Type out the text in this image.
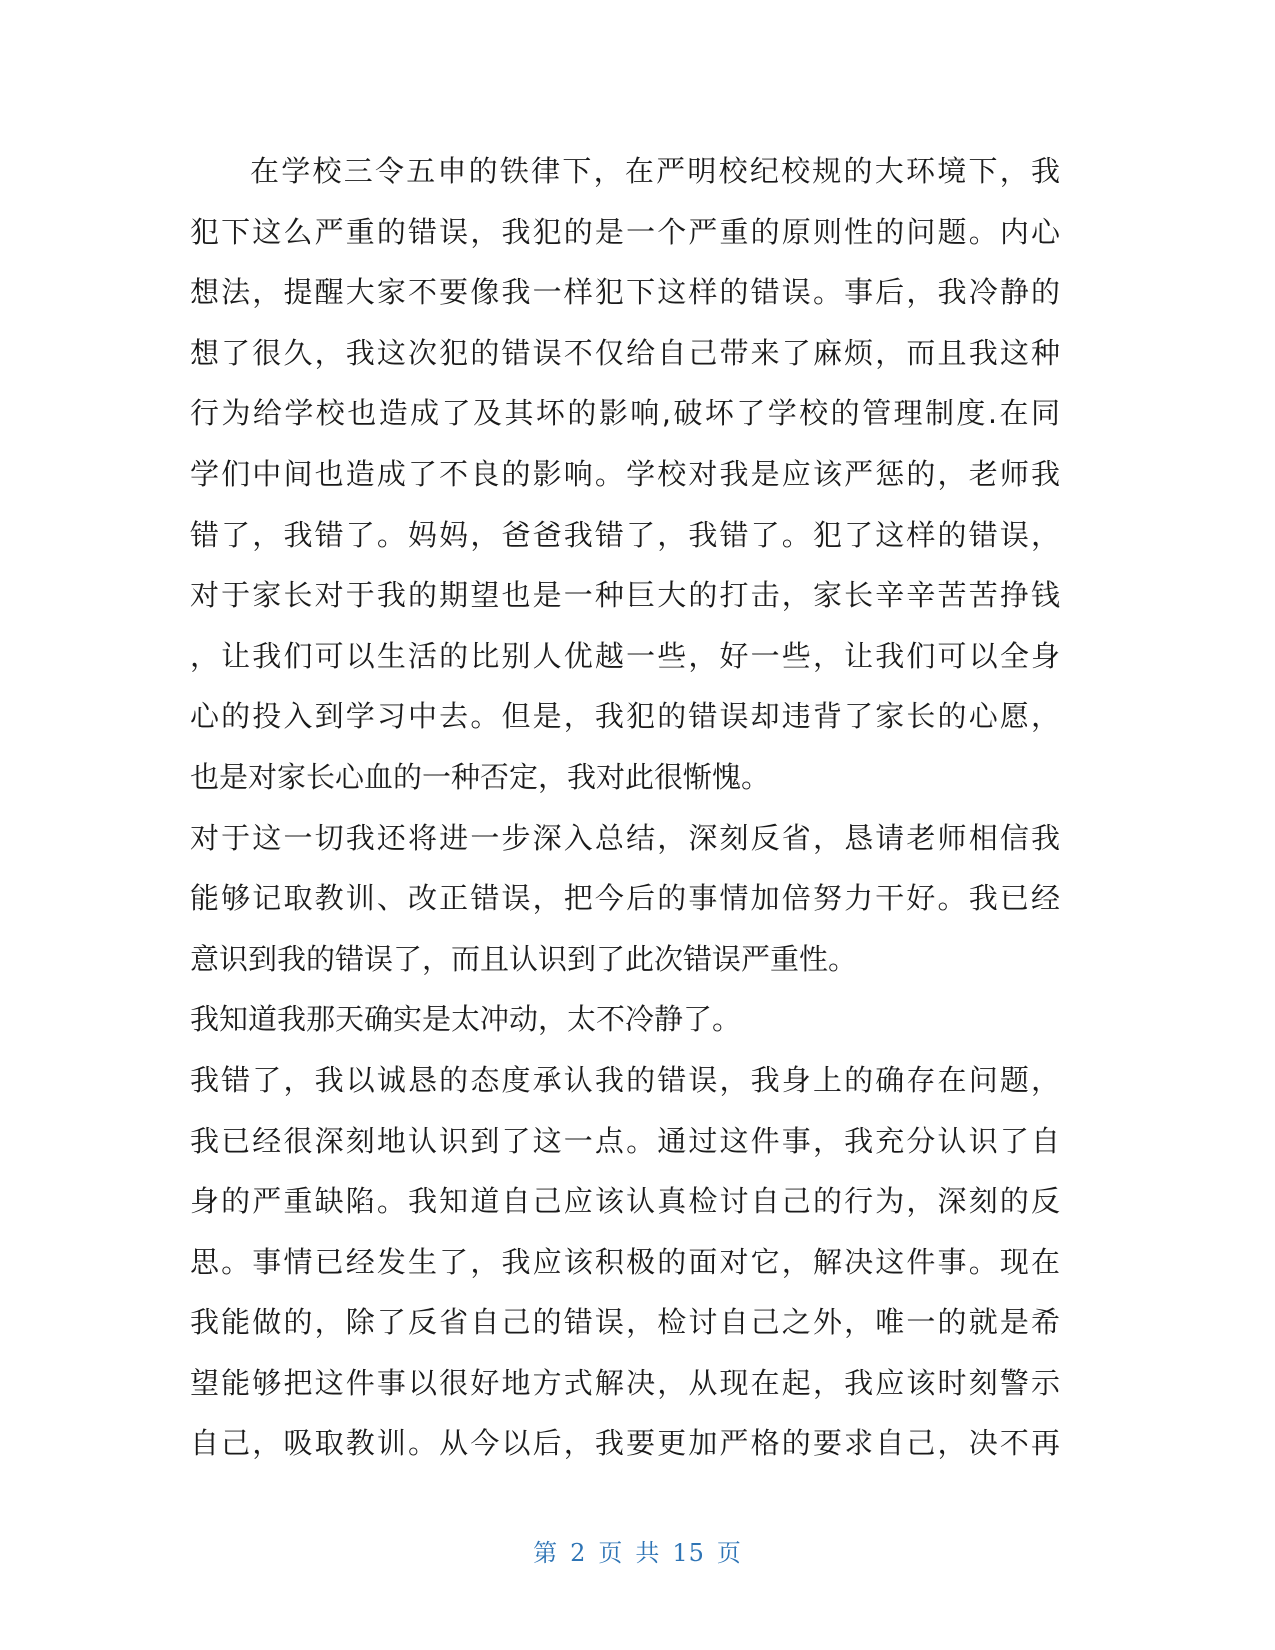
在学校三令五申的铁律下，在严明校纪校规的大环境下，我
犯下这么严重的错误，我犯的是一个严重的原则性的问题。内心
想法，提醒大家不要像我一样犯下这样的错误。事后，我冷静的
想了很久，我这次犯的错误不仅给自己带来了麻烦，而且我这种
行为给学校也造成了及其坏的影响,破坏了学校的管理制度.在同
学们中间也造成了不良的影响。学校对我是应该严惩的，老师我
错了，我错了。妈妈，爸爸我错了，我错了。犯了这样的错误，
对于家长对于我的期望也是一种巨大的打击，家长辛辛苦苦挣钱
，让我们可以生活的比别人优越一些，好一些，让我们可以全身
心的投入到学习中去。但是，我犯的错误却违背了家长的心愿，
也是对家长心血的一种否定，我对此很惭愧。
对于这一切我还将进一步深入总结，深刻反省，恳请老师相信我
能够记取教训、改正错误，把今后的事情加倍努力干好。我已经
意识到我的错误了，而且认识到了此次错误严重性。
我知道我那天确实是太冲动，太不冷静了。
我错了，我以诚恳的态度承认我的错误，我身上的确存在问题，
我已经很深刻地认识到了这一点。通过这件事，我充分认识了自
身的严重缺陷。我知道自己应该认真检讨自己的行为，深刻的反
思。事情已经发生了，我应该积极的面对它，解决这件事。现在
我能做的，除了反省自己的错误，检讨自己之外，唯一的就是希
望能够把这件事以很好地方式解决，从现在起，我应该时刻警示
自己，吸取教训。从今以后，我要更加严格的要求自己，决不再
第 2 页 共 15 页
